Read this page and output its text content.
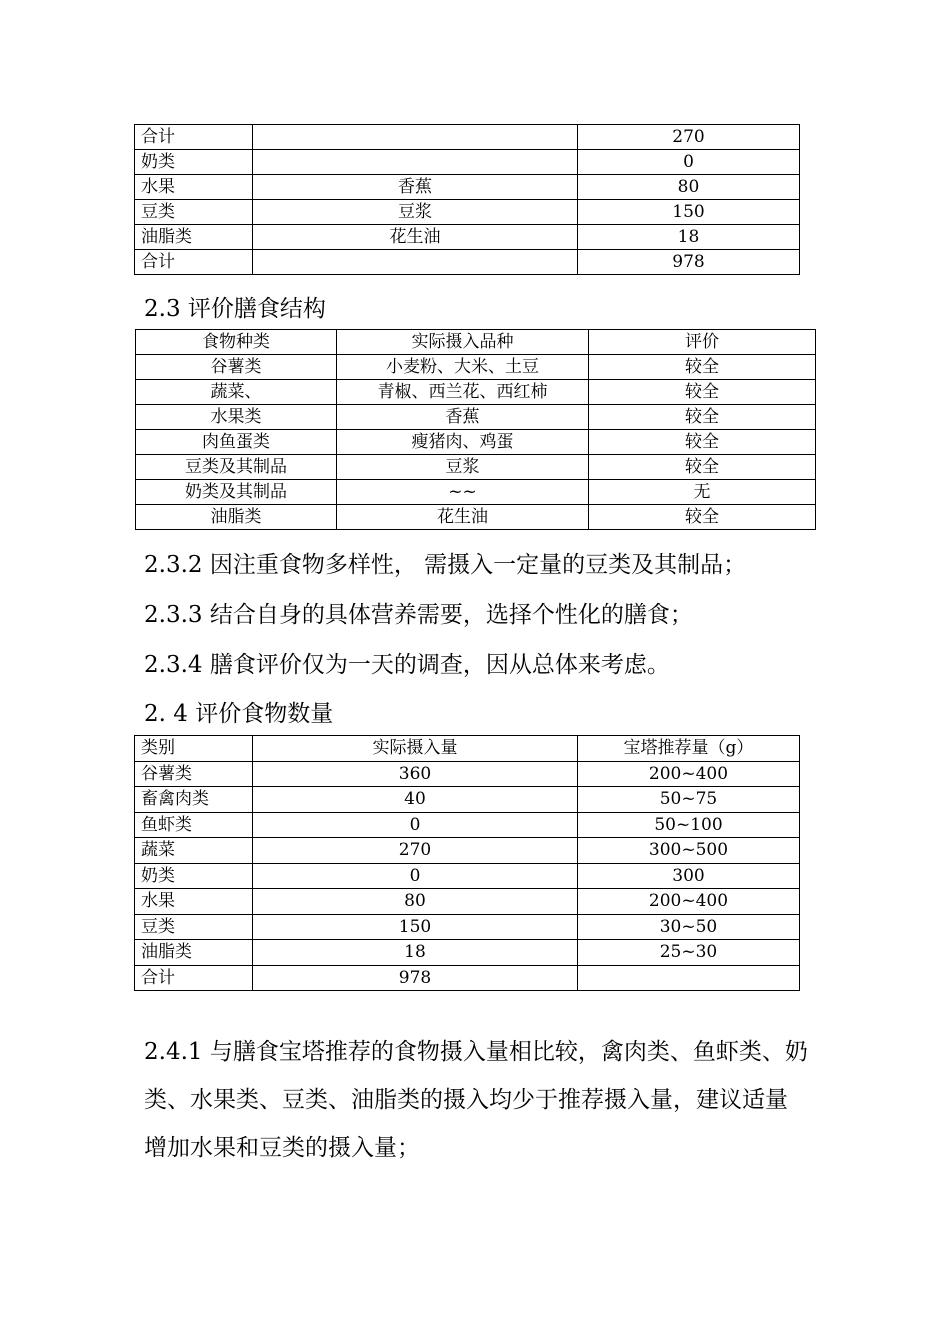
合计		270
奶类		0
水果	香蕉	80
豆类	豆浆	150
油脂类	花生油	18
合计		978
2.3 评价膳食结构
食物种类	实际摄入品种	评价
谷薯类	小麦粉、大米、土豆	较全
蔬菜、	青椒、西兰花、西红柿	较全
水果类	香蕉	较全
肉鱼蛋类	瘦猪肉、鸡蛋	较全
豆类及其制品	豆浆	较全
奶类及其制品	~~	无
油脂类	花生油	较全
2.3.2 因注重食物多样性， 需摄入一定量的豆类及其制品；
2.3.3 结合自身的具体营养需要，选择个性化的膳食；
2.3.4 膳食评价仅为一天的调查，因从总体来考虑。
2. 4 评价食物数量
类别	实际摄入量	宝塔推荐量（g）
谷薯类	360	200~400
畜禽肉类	40	50~75
鱼虾类	0	50~100
蔬菜	270	300~500
奶类	0	300
水果	80	200~400
豆类	150	30~50
油脂类	18	25~30
合计	978	
2.4.1 与膳食宝塔推荐的食物摄入量相比较，禽肉类、鱼虾类、奶类、水果类、豆类、油脂类的摄入均少于推荐摄入量，建议适量增加水果和豆类的摄入量；
